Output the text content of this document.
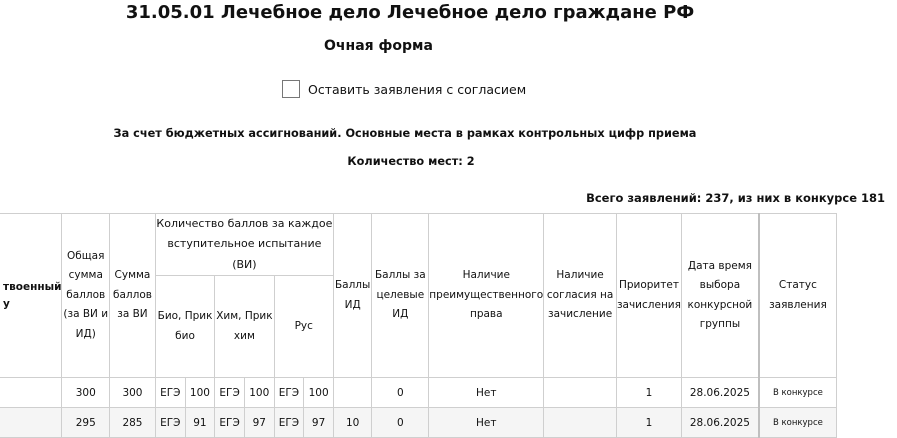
31.05.01 Лечебное дело Лечебное дело граждане РФ
Очная форма
Оставить заявления с согласием
За счет бюджетных ассигнований. Основные места в рамках контрольных цифр приема
Количество мест: 2
Всего заявлений: 237, из них в конкурсе 181
твоенный
у	Общая сумма баллов (за ВИ и ИД)	Сумма баллов за ВИ	Количество баллов за каждое вступительное испытание (ВИ)						Баллы ИД	Баллы за целевые ИД	Наличие преимущественного права	Наличие согласия на зачисление	Приоритет зачисления	Дата время выбора конкурсной группы	Статус заявления
			Био, Прик био		Хим, Прик хим		Рус								
	300	300	ЕГЭ	100	ЕГЭ	100	ЕГЭ	100		0	Нет		1	28.06.2025	В конкурсе
	295	285	ЕГЭ	91	ЕГЭ	97	ЕГЭ	97	10	0	Нет		1	28.06.2025	В конкурсе
